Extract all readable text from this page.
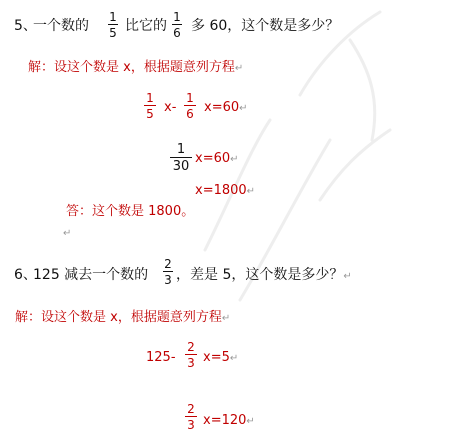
5、
一个数的
1
5 比它的
1
6 多 60，这个数是多少？
解：设这个数是 x，根据题意列方程↵
1
5 x-
1
6 x=60↵
1
30
x=60↵
x=1800↵
答：这个数是 1800。
↵
6、
125 减去一个数的
2
3 ，差是 5，这个数是多少？↵
解：设这个数是 x，根据题意列方程↵
125-
2
3 x=5↵
2
3 x=120↵
